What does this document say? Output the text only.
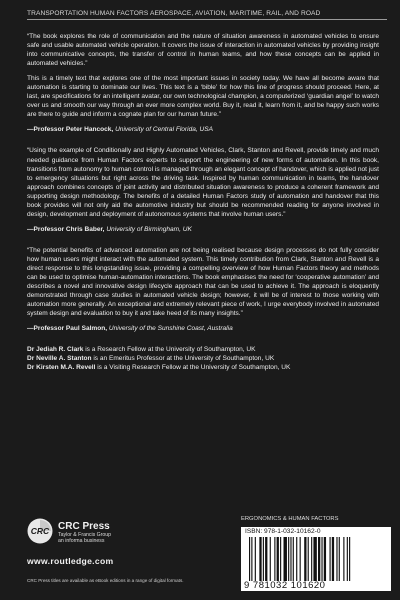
TRANSPORTATION HUMAN FACTORS AEROSPACE, AVIATION, MARITIME, RAIL, AND ROAD

“The book explores the role of communication and the nature of situation awareness in automated vehicles to ensure safe and usable automated vehicle operation. It covers the issue of interaction in automated vehicles by providing insight into communicative concepts, the transfer of control in human teams, and how these concepts can be applied in automated vehicles.”

This is a timely text that explores one of the most important issues in society today. We have all become aware that automation is starting to dominate our lives. This text is a ‘bible’ for how this line of progress should proceed. Here, at last, are specifications for an intelligent avatar, our own technological champion, a computerized ‘guardian angel’ to watch over us and smooth our way through an ever more complex world. Buy it, read it, learn from it, and be happy such works are there to guide and inform a cognate plan for our human future.”

—Professor Peter Hancock, University of Central Florida, USA

“Using the example of Conditionally and Highly Automated Vehicles, Clark, Stanton and Revell, provide timely and much needed guidance from Human Factors experts to support the engineering of new forms of automation. In this book, transitions from autonomy to human control is managed through an elegant concept of handover, which is applied not just to emergency situations but right across the driving task. Inspired by human communication in teams, the handover approach combines concepts of joint activity and distributed situation awareness to produce a coherent framework and supporting design methodology. The benefits of a detailed Human Factors study of automation and handover that this book provides will not only aid the automotive industry but should be recommended reading for anyone involved in design, development and deployment of autonomous systems that involve human users.”

—Professor Chris Baber, University of Birmingham, UK

“The potential benefits of advanced automation are not being realised because design processes do not fully consider how human users might interact with the automated system. This timely contribution from Clark, Stanton and Revell is a direct response to this longstanding issue, providing a compelling overview of how Human Factors theory and methods can be used to optimise human-automation interactions. The book emphasises the need for ‘cooperative automation’ and describes a novel and innovative design lifecycle approach that can be used to achieve it. The approach is eloquently demonstrated through case studies in automated vehicle design; however, it will be of interest to those working with automation more generally. An exceptional and extremely relevant piece of work, I urge everybody involved in automated system design and evaluation to buy it and take heed of its many insights.”

—Professor Paul Salmon, University of the Sunshine Coast, Australia

Dr Jediah R. Clark is a Research Fellow at the University of Southampton, UK
Dr Neville A. Stanton is an Emeritus Professor at the University of Southampton, UK
Dr Kirsten M.A. Revell is a Visiting Research Fellow at the University of Southampton, UK
CRC CRC Press
Taylor & Francis Group
an informa business
www.routledge.com
CRC Press titles are available as eBook editions in a range of digital formats.
ERGONOMICS & HUMAN FACTORS
ISBN: 978-1-032-10162-0
9 781032 101620
